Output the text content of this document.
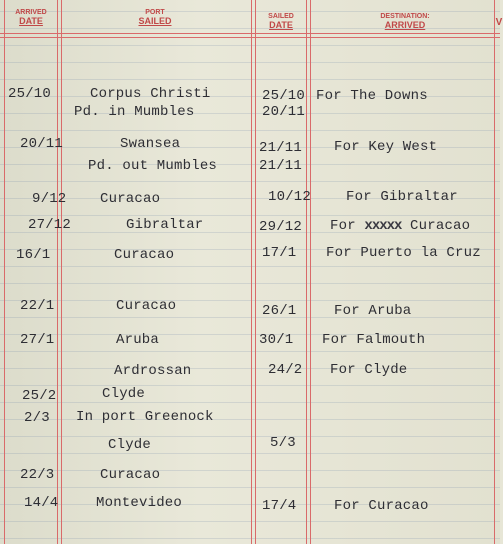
ARRIVED
DATE
PORT
SAILED	SAILED
DATE
DESTINATION:
ARRIVED	V
25/10	Corpus Christi	25/10 For The Downs
Pd. in Mumbles	20/11
20/11	Swansea	21/11 For Key West
Pd. out Mumbles	21/11
9/12 Curacao	10/12 For Gibraltar
27/12	Gibraltar	29/12 For xxxxx Curacao
16/1	Curacao	17/1 For Puerto la Cruz
22/1	Curacao	26/1	For Aruba
27/1	Aruba	30/1 For Falmouth
Ardrossan	24/2 For Clyde
25/2	Clyde
2/3 In port Greenock
Clyde	5/3
22/3	Curacao
14/4	Montevideo	17/4	For Curacao
